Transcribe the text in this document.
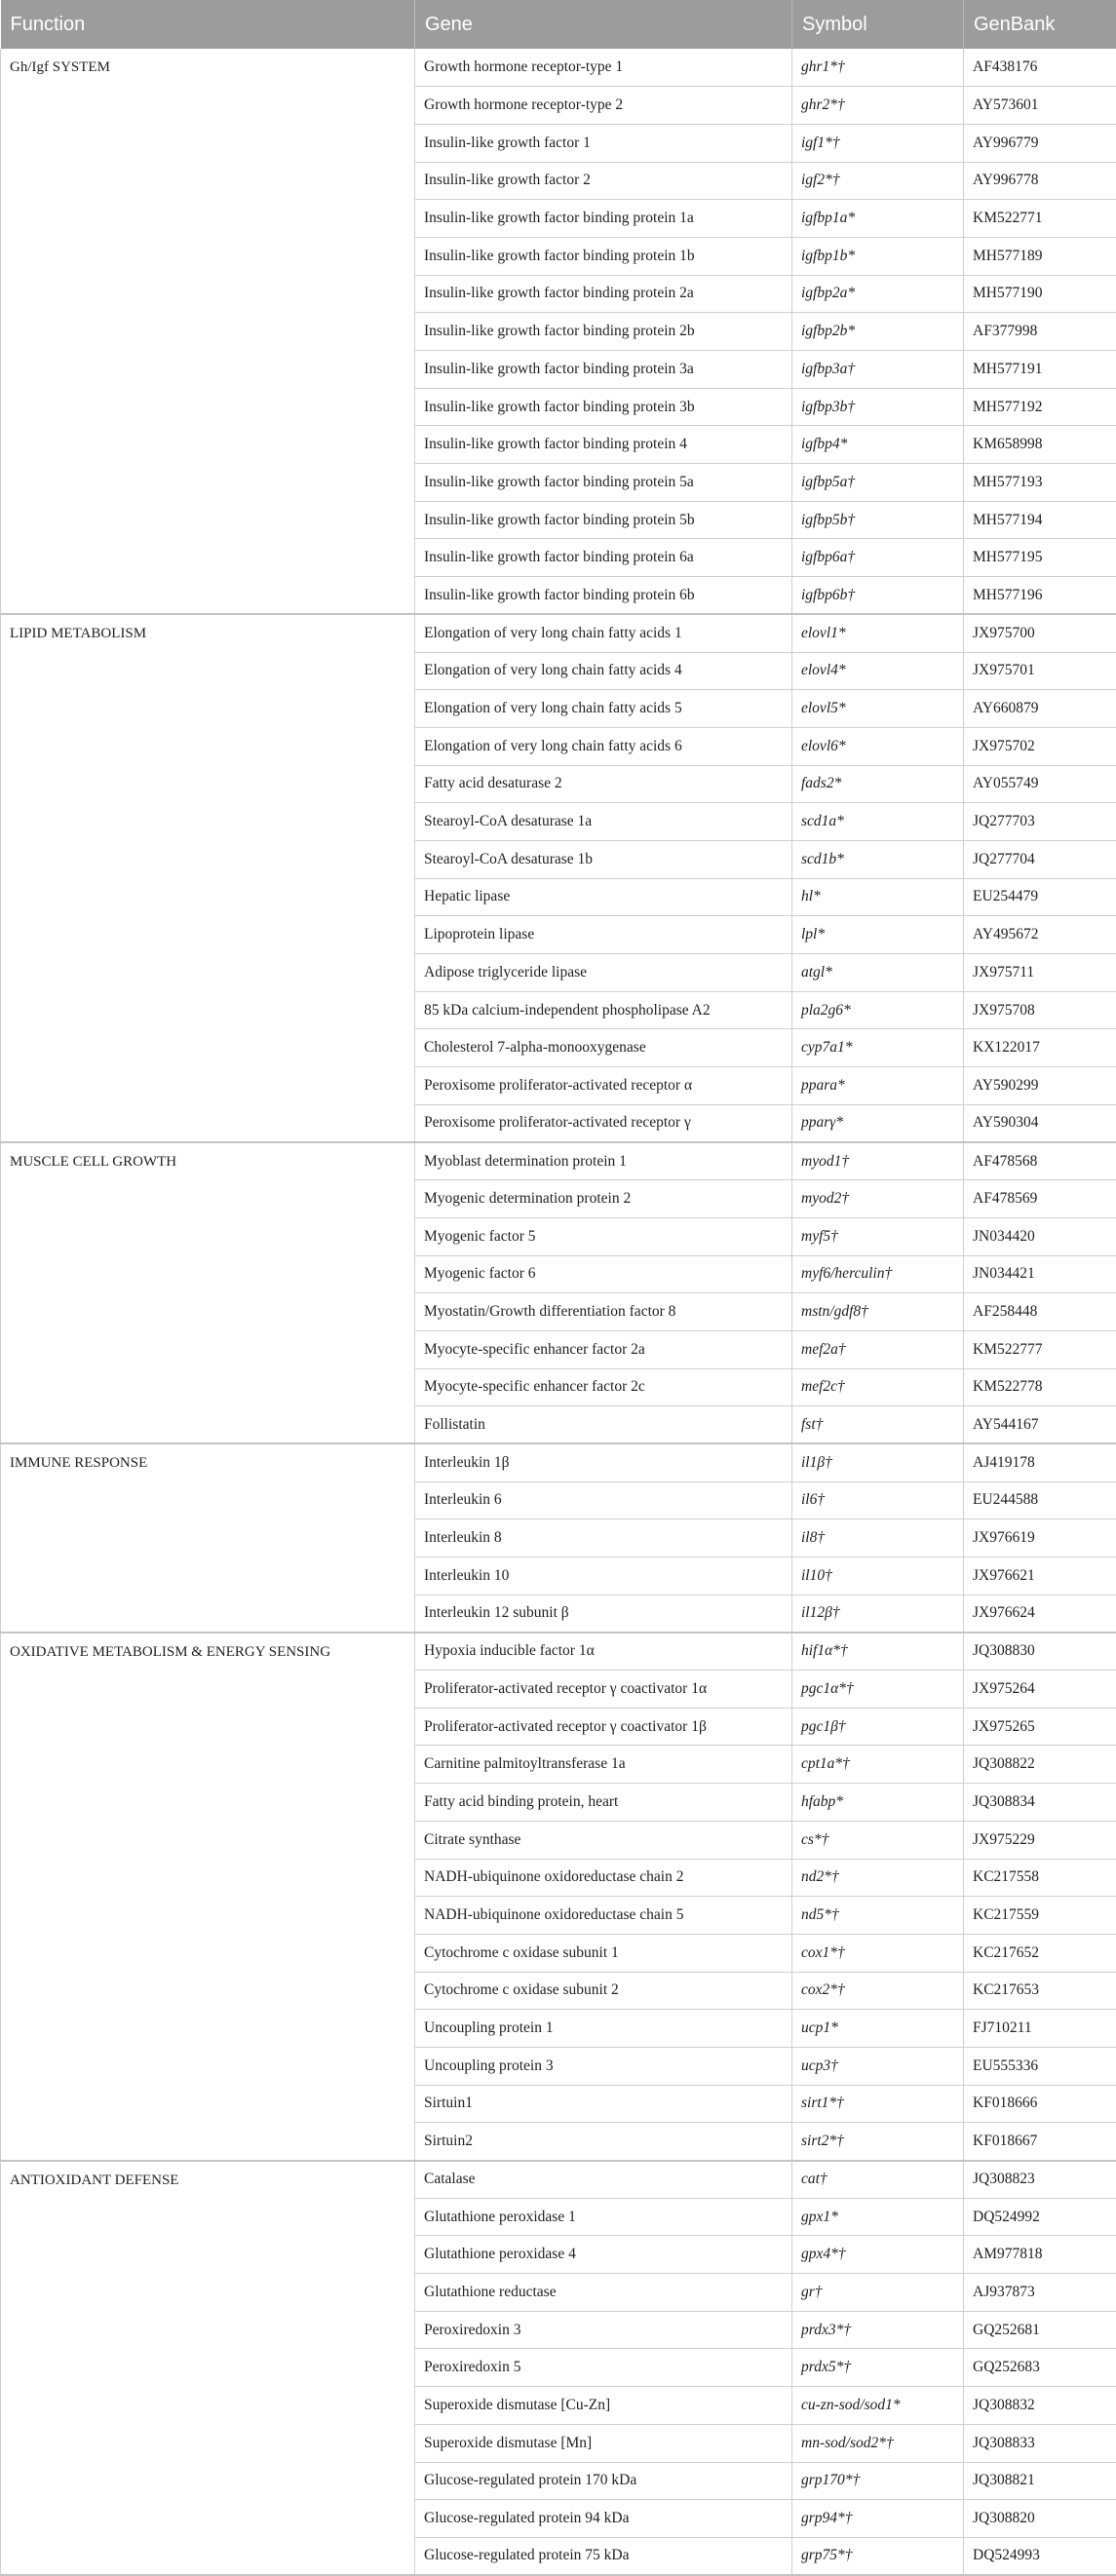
Function	Gene	Symbol	GenBank
Gh/Igf SYSTEM	Growth hormone receptor-type 1	ghr1*†	AF438176
	Growth hormone receptor-type 2	ghr2*†	AY573601
	Insulin-like growth factor 1	igf1*†	AY996779
	Insulin-like growth factor 2	igf2*†	AY996778
	Insulin-like growth factor binding protein 1a	igfbp1a*	KM522771
	Insulin-like growth factor binding protein 1b	igfbp1b*	MH577189
	Insulin-like growth factor binding protein 2a	igfbp2a*	MH577190
	Insulin-like growth factor binding protein 2b	igfbp2b*	AF377998
	Insulin-like growth factor binding protein 3a	igfbp3a†	MH577191
	Insulin-like growth factor binding protein 3b	igfbp3b†	MH577192
	Insulin-like growth factor binding protein 4	igfbp4*	KM658998
	Insulin-like growth factor binding protein 5a	igfbp5a†	MH577193
	Insulin-like growth factor binding protein 5b	igfbp5b†	MH577194
	Insulin-like growth factor binding protein 6a	igfbp6a†	MH577195
	Insulin-like growth factor binding protein 6b	igfbp6b†	MH577196
LIPID METABOLISM	Elongation of very long chain fatty acids 1	elovl1*	JX975700
	Elongation of very long chain fatty acids 4	elovl4*	JX975701
	Elongation of very long chain fatty acids 5	elovl5*	AY660879
	Elongation of very long chain fatty acids 6	elovl6*	JX975702
	Fatty acid desaturase 2	fads2*	AY055749
	Stearoyl-CoA desaturase 1a	scd1a*	JQ277703
	Stearoyl-CoA desaturase 1b	scd1b*	JQ277704
	Hepatic lipase	hl*	EU254479
	Lipoprotein lipase	lpl*	AY495672
	Adipose triglyceride lipase	atgl*	JX975711
	85 kDa calcium-independent phospholipase A2	pla2g6*	JX975708
	Cholesterol 7-alpha-monooxygenase	cyp7a1*	KX122017
	Peroxisome proliferator-activated receptor α	ppara*	AY590299
	Peroxisome proliferator-activated receptor γ	pparγ*	AY590304
MUSCLE CELL GROWTH	Myoblast determination protein 1	myod1†	AF478568
	Myogenic determination protein 2	myod2†	AF478569
	Myogenic factor 5	myf5†	JN034420
	Myogenic factor 6	myf6/herculin†	JN034421
	Myostatin/Growth differentiation factor 8	mstn/gdf8†	AF258448
	Myocyte-specific enhancer factor 2a	mef2a†	KM522777
	Myocyte-specific enhancer factor 2c	mef2c†	KM522778
	Follistatin	fst†	AY544167
IMMUNE RESPONSE	Interleukin 1β	il1β†	AJ419178
	Interleukin 6	il6†	EU244588
	Interleukin 8	il8†	JX976619
	Interleukin 10	il10†	JX976621
	Interleukin 12 subunit β	il12β†	JX976624
OXIDATIVE METABOLISM & ENERGY SENSING	Hypoxia inducible factor 1α	hif1α*†	JQ308830
	Proliferator-activated receptor γ coactivator 1α	pgc1α*†	JX975264
	Proliferator-activated receptor γ coactivator 1β	pgc1β†	JX975265
	Carnitine palmitoyltransferase 1a	cpt1a*†	JQ308822
	Fatty acid binding protein, heart	hfabp*	JQ308834
	Citrate synthase	cs*†	JX975229
	NADH-ubiquinone oxidoreductase chain 2	nd2*†	KC217558
	NADH-ubiquinone oxidoreductase chain 5	nd5*†	KC217559
	Cytochrome c oxidase subunit 1	cox1*†	KC217652
	Cytochrome c oxidase subunit 2	cox2*†	KC217653
	Uncoupling protein 1	ucp1*	FJ710211
	Uncoupling protein 3	ucp3†	EU555336
	Sirtuin1	sirt1*†	KF018666
	Sirtuin2	sirt2*†	KF018667
ANTIOXIDANT DEFENSE	Catalase	cat†	JQ308823
	Glutathione peroxidase 1	gpx1*	DQ524992
	Glutathione peroxidase 4	gpx4*†	AM977818
	Glutathione reductase	gr†	AJ937873
	Peroxiredoxin 3	prdx3*†	GQ252681
	Peroxiredoxin 5	prdx5*†	GQ252683
	Superoxide dismutase [Cu-Zn]	cu-zn-sod/sod1*	JQ308832
	Superoxide dismutase [Mn]	mn-sod/sod2*†	JQ308833
	Glucose-regulated protein 170 kDa	grp170*†	JQ308821
	Glucose-regulated protein 94 kDa	grp94*†	JQ308820
	Glucose-regulated protein 75 kDa	grp75*†	DQ524993
